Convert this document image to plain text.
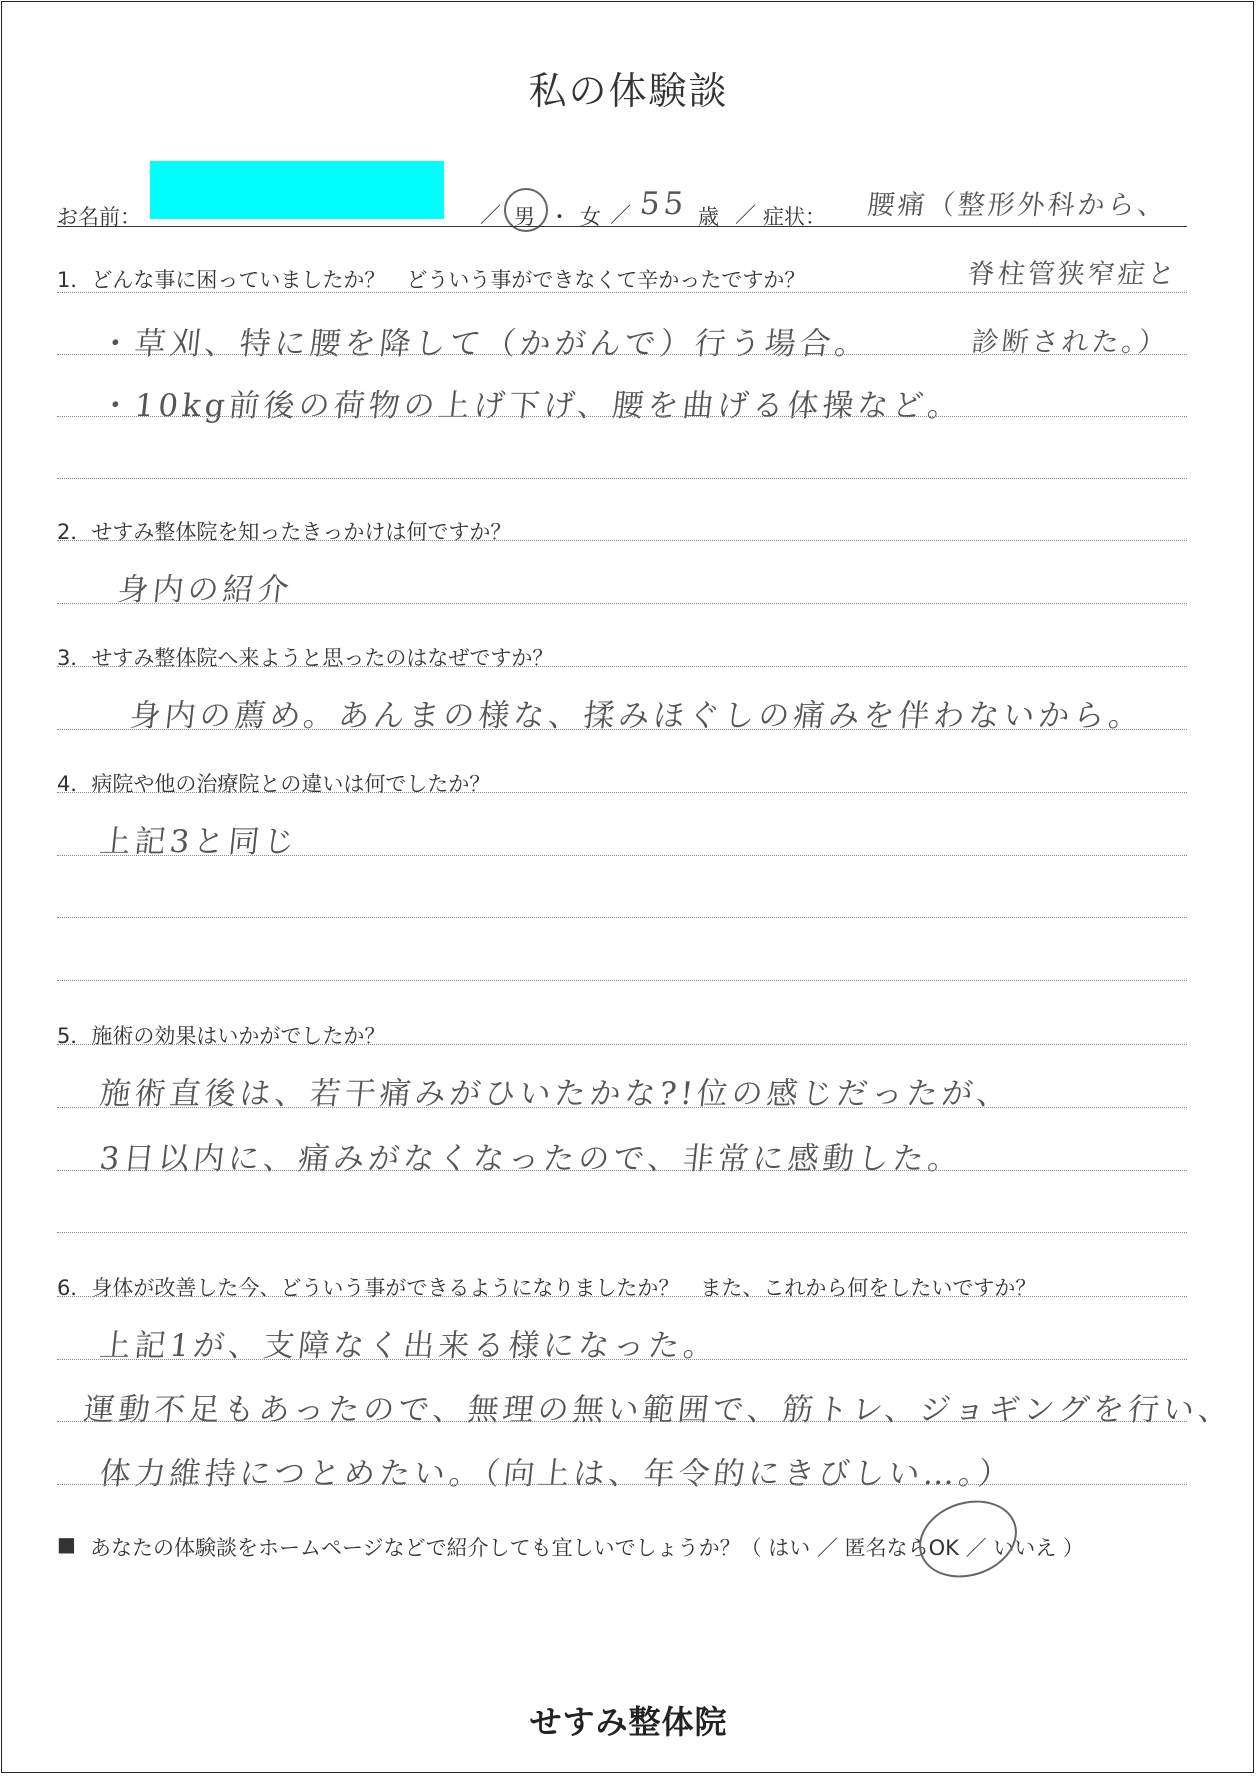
私の体験談
お名前：	／ 男 ・ 女 ／ 55 歳 ／ 症状： 腰痛（整形外科から、
脊柱管狭窄症と
診断された。）
1．どんな事に困っていましたか？　どういう事ができなくて辛かったですか？
・草刈、特に腰を降して（かがんで）行う場合。
・10kg前後の荷物の上げ下げ、腰を曲げる体操など。
2．せすみ整体院を知ったきっかけは何ですか？
身内の紹介
3．せすみ整体院へ来ようと思ったのはなぜですか？
身内の薦め。あんまの様な、揉みほぐしの痛みを伴わないから。
4．病院や他の治療院との違いは何でしたか？
上記3と同じ
5．施術の効果はいかがでしたか？
施術直後は、若干痛みがひいたかな?!位の感じだったが、
3日以内に、痛みがなくなったので、非常に感動した。
6．身体が改善した今、どういう事ができるようになりましたか？　また、これから何をしたいですか？
上記1が、支障なく出来る様になった。
運動不足もあったので、無理の無い範囲で、筋トレ、ジョギングを行い、
体力維持につとめたい。（向上は、年令的にきびしい…。）
■ あなたの体験談をホームページなどで紹介しても宜しいでしょうか？（ はい ／ 匿名ならOK ／ いいえ ）
せすみ整体院
